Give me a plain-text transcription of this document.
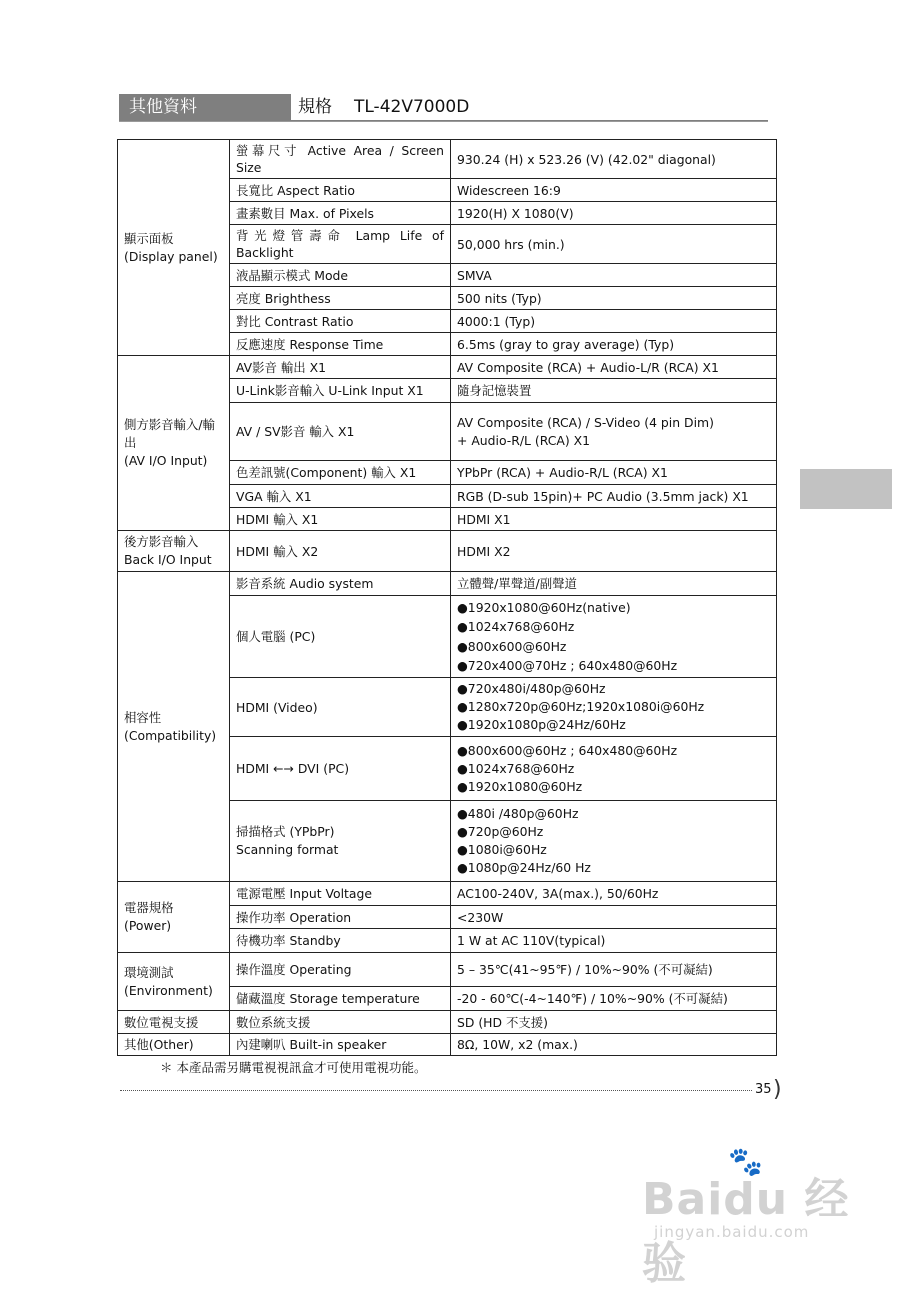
其他資料	規格 TL-42V7000D
顯示面板
(Display panel)	螢幕尺寸 Active Area / Screen Size	930.24 (H) x 523.26 (V) (42.02" diagonal)
	長寬比 Aspect Ratio	Widescreen 16:9
	畫素數目 Max. of Pixels	1920(H) X 1080(V)
	背光燈管壽命 Lamp Life of Backlight	50,000 hrs (min.)
	液晶顯示模式 Mode	SMVA
	亮度 Brighthess	500 nits (Typ)
	對比 Contrast Ratio	4000:1 (Typ)
	反應速度 Response Time	6.5ms (gray to gray average) (Typ)

側方影音輸入/輸
出
(AV I/O Input)	AV影音 輸出 X1	AV Composite (RCA) + Audio-L/R (RCA) X1
	U-Link影音輸入 U-Link Input X1	隨身記憶裝置
	AV / SV影音 輸入 X1	AV Composite (RCA) / S-Video (4 pin Dim)
+ Audio-R/L (RCA) X1

	色差訊號(Component) 輸入 X1	YPbPr (RCA) + Audio-R/L (RCA) X1
	VGA 輸入 X1	RGB (D-sub 15pin)+ PC Audio (3.5mm jack) X1
	HDMI 輸入 X1	HDMI X1

後方影音輸入
Back I/O Input	HDMI 輸入 X2	HDMI X2

相容性
(Compatibility)	影音系統 Audio system	立體聲/單聲道/副聲道
	個人電腦 (PC)	●1920x1080@60Hz(native)
●1024x768@60Hz
●800x600@60Hz
●720x400@70Hz ; 640x480@60Hz

	HDMI (Video)	●720x480i/480p@60Hz
●1280x720p@60Hz;1920x1080i@60Hz
●1920x1080p@24Hz/60Hz

	HDMI ←→ DVI (PC)	●800x600@60Hz ; 640x480@60Hz
●1024x768@60Hz
●1920x1080@60Hz

	掃描格式 (YPbPr)
Scanning format	●480i /480p@60Hz
●720p@60Hz
●1080i@60Hz
●1080p@24Hz/60 Hz

電器規格
(Power)	電源電壓 Input Voltage	AC100-240V, 3A(max.), 50/60Hz
	操作功率 Operation	<230W
	待機功率 Standby	1 W at AC 110V(typical)

環境測試
(Environment)	操作溫度 Operating	5 – 35℃(41~95℉) / 10%~90% (不可凝結)
	儲藏溫度 Storage temperature	-20 - 60℃(-4~140℉) / 10%~90% (不可凝結)
數位電視支援	數位系統支援	SD (HD 不支援)
其他(Other)	內建喇叭 Built-in speaker	8Ω, 10W, x2 (max.)
＊ 本產品需另購電視視訊盒才可使用電視功能。
35 )
🐾
Baidu 经验
jingyan.baidu.com
